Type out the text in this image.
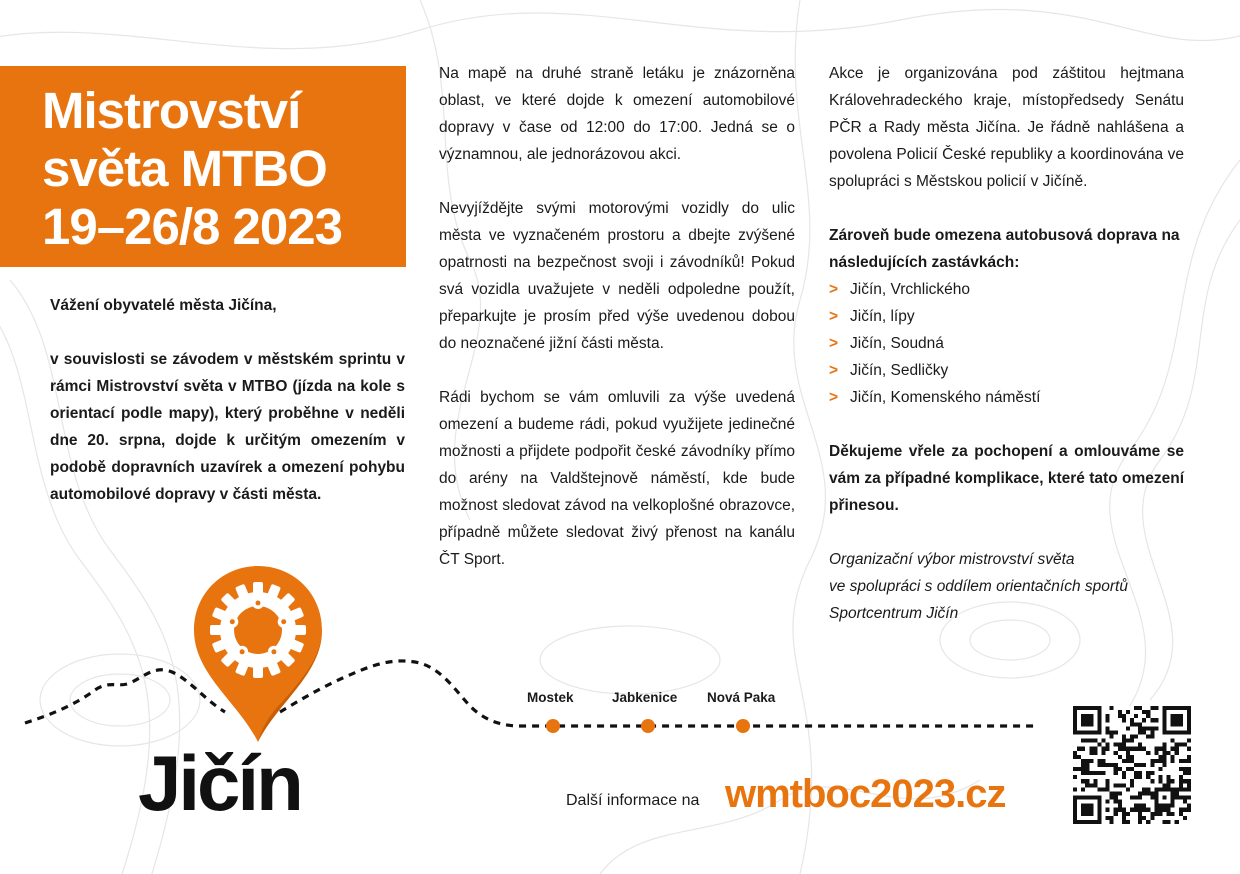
Mistrovství
světa MTBO
19–26/8 2023

Vážení obyvatelé města Jičína,

v souvislosti se závodem v městském sprintu v rámci Mistrovství světa v MTBO (jízda na kole s orientací podle mapy), který proběhne v neděli dne 20. srpna, dojde k určitým omezením v podobě dopravních uzavírek a omezení pohybu automobilové dopravy v části města.

Na mapě na druhé straně letáku je znázorněna oblast, ve které dojde k omezení automobilové dopravy v čase od 12:00 do 17:00. Jedná se o významnou, ale jednorázovou akci.

Nevyjíždějte svými motorovými vozidly do ulic města ve vyznačeném prostoru a dbejte zvýšené opatrnosti na bezpečnost svoji i závodníků! Pokud svá vozidla uvažujete v neděli odpoledne použít, přeparkujte je prosím před výše uvedenou dobou do neoznačené jižní části města.

Rádi bychom se vám omluvili za výše uvedená omezení a budeme rádi, pokud využijete jedinečné možnosti a přijdete podpořit české závodníky přímo do arény na Valdštejnově náměstí, kde bude možnost sledovat závod na velkoplošné obrazovce, případně můžete sledovat živý přenost na kanálu ČT Sport.

Akce je organizována pod záštitou hejtmana Královehradeckého kraje, místopředsedy Senátu PČR a Rady města Jičína. Je řádně nahlášena a povolena Policií České republiky a koordinována ve spolupráci s Městskou policií v Jičíně.

Zároveň bude omezena autobusová doprava na následujících zastávkách:

> Jičín, Vrchlického
> Jičín, lípy
> Jičín, Soudná
> Jičín, Sedličky
> Jičín, Komenského náměstí

Děkujeme vřele za pochopení a omlouváme se vám za případné komplikace, které tato omezení přinesou.

Organizační výbor mistrovství světa

ve spolupráci s oddílem orientačních sportů

Sportcentrum Jičín

Mostek	Jabkenice Nová Paka
Jičín	Další informace na wmtboc2023.cz
